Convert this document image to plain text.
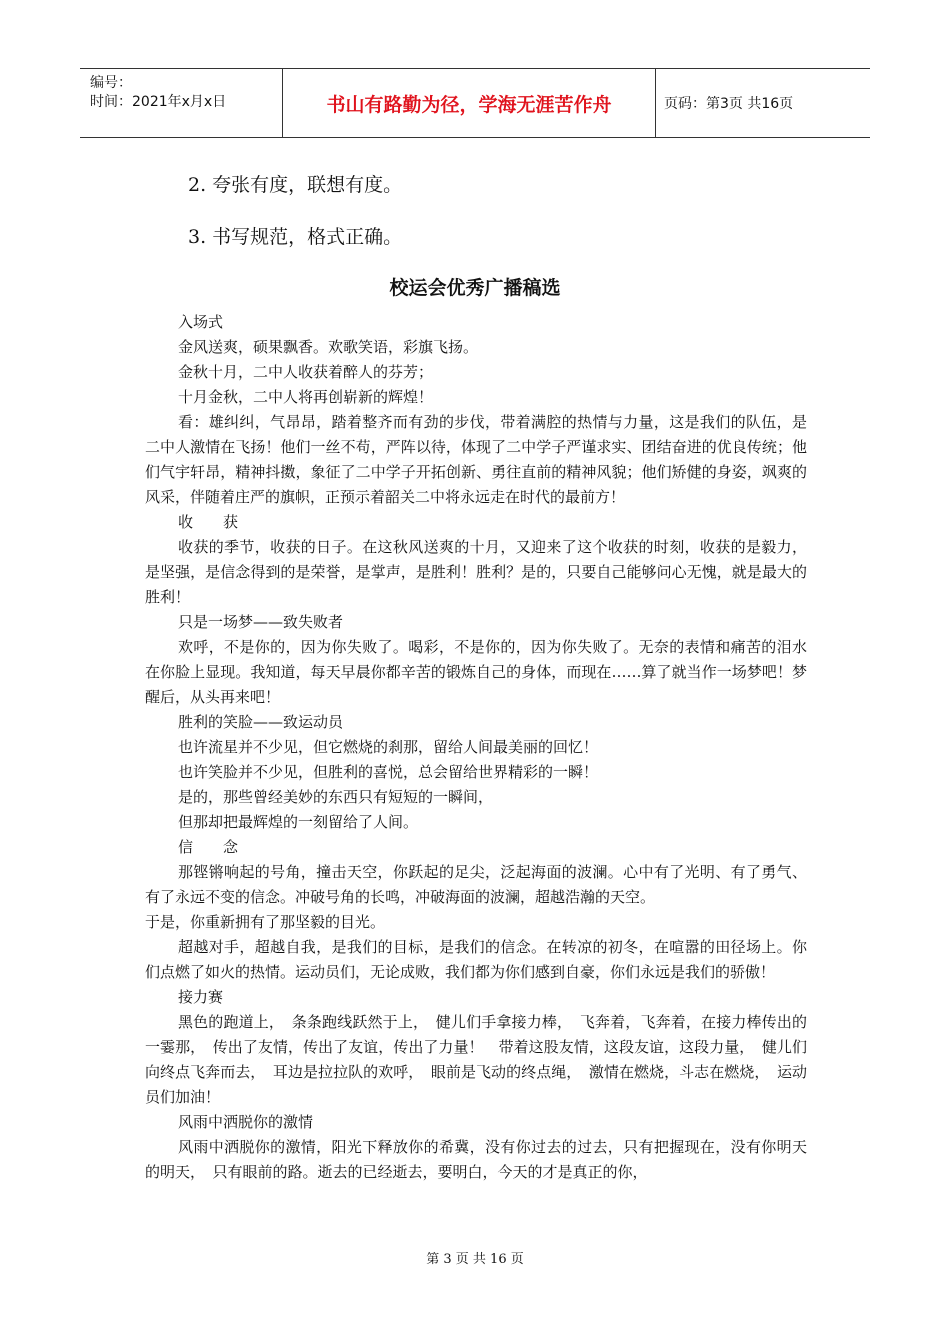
编号：
时间：2021年x月x日	书山有路勤为径，学海无涯苦作舟	页码：第3页 共16页
2. 夸张有度，联想有度。
3. 书写规范，格式正确。
校运会优秀广播稿选

入场式

金风送爽，硕果飘香。欢歌笑语，彩旗飞扬。

金秋十月，二中人收获着醉人的芬芳；

十月金秋，二中人将再创崭新的辉煌！

看：雄纠纠，气昂昂，踏着整齐而有劲的步伐，带着满腔的热情与力量，这是我们的队伍，是二中人激情在飞扬！他们一丝不苟，严阵以待，体现了二中学子严谨求实、团结奋进的优良传统；他们气宇轩昂，精神抖擞，象征了二中学子开拓创新、勇往直前的精神风貌；他们矫健的身姿，飒爽的风采，伴随着庄严的旗帜，正预示着韶关二中将永远走在时代的最前方！

收　　获

收获的季节，收获的日子。在这秋风送爽的十月，又迎来了这个收获的时刻，收获的是毅力，是坚强，是信念得到的是荣誉，是掌声，是胜利！胜利？是的，只要自己能够问心无愧，就是最大的胜利！

只是一场梦——致失败者

欢呼，不是你的，因为你失败了。喝彩，不是你的，因为你失败了。无奈的表情和痛苦的泪水在你脸上显现。我知道，每天早晨你都辛苦的锻炼自己的身体，而现在……算了就当作一场梦吧！梦醒后，从头再来吧！

胜利的笑脸——致运动员

也许流星并不少见，但它燃烧的刹那，留给人间最美丽的回忆！

也许笑脸并不少见，但胜利的喜悦，总会留给世界精彩的一瞬！

是的，那些曾经美妙的东西只有短短的一瞬间，

但那却把最辉煌的一刻留给了人间。

信　　念

那铿锵响起的号角，撞击天空，你跃起的足尖，泛起海面的波澜。心中有了光明、有了勇气、有了永远不变的信念。冲破号角的长鸣，冲破海面的波澜，超越浩瀚的天空。

于是，你重新拥有了那坚毅的目光。

超越对手，超越自我，是我们的目标，是我们的信念。在转凉的初冬，在喧嚣的田径场上。你们点燃了如火的热情。运动员们，无论成败，我们都为你们感到自豪，你们永远是我们的骄傲！

接力赛

黑色的跑道上，　条条跑线跃然于上，　健儿们手拿接力棒，　飞奔着，飞奔着，在接力棒传出的一霎那，　传出了友情，传出了友谊，传出了力量！　带着这股友情，这段友谊，这段力量，　健儿们向终点飞奔而去，　耳边是拉拉队的欢呼，　眼前是飞动的终点绳，　激情在燃烧，斗志在燃烧，　运动员们加油！

风雨中洒脱你的激情

风雨中洒脱你的激情，阳光下释放你的希冀，没有你过去的过去，只有把握现在，没有你明天的明天，　只有眼前的路。逝去的已经逝去，要明白，今天的才是真正的你，

第 3 页 共 16 页
